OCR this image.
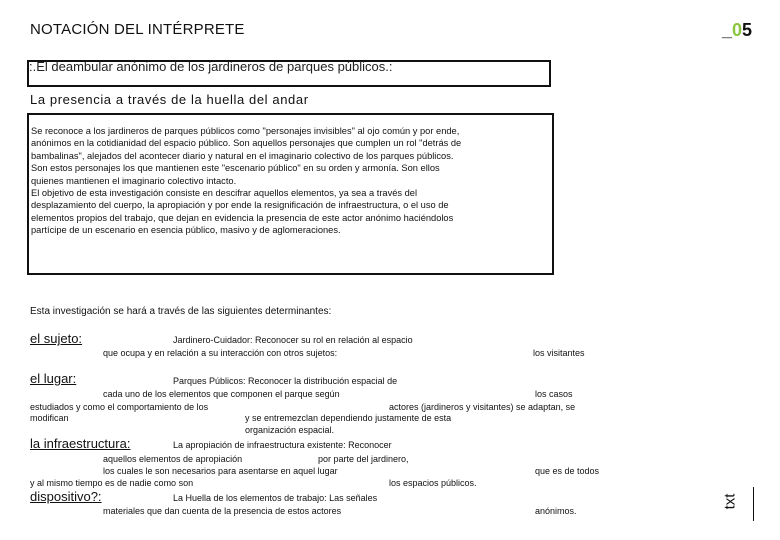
NOTACIÓN DEL INTÉRPRETE	_05
:.El deambular anónimo de los jardineros de parques públicos.:
La presencia a través de la huella del andar

Se reconoce a los jardineros de parques públicos como "personajes invisibles" al ojo común y por ende,

anónimos en la cotidianidad del espacio público. Son aquellos personajes que cumplen un rol "detrás de

bambalinas", alejados del acontecer diario y natural en el imaginario colectivo de los parques públicos.

Son estos personajes los que mantienen este "escenario público" en su orden y armonía. Son ellos

quienes mantienen el imaginario colectivo intacto.

El objetivo de esta investigación consiste en descifrar aquellos elementos, ya sea a través del

desplazamiento del cuerpo, la apropiación y por ende la resignificación de infraestructura, o el uso de

elementos propios del trabajo, que dejan en evidencia la presencia de este actor anónimo haciéndolos

partícipe de un escenario en esencia público, masivo y de aglomeraciones.

Esta investigación se hará a través de las siguientes determinantes:
el sujeto:	Jardinero-Cuidador: Reconocer su rol en relación al espacio
que ocupa y en relación a su interacción con otros sujetos:	los visitantes
el lugar:	Parques Públicos: Reconocer la distribución espacial de
cada uno de los elementos que componen el parque según	los casos
estudiados y como el comportamiento de los	actores (jardineros y visitantes) se adaptan, se
modifican	y se entremezclan dependiendo justamente de esta
organización espacial.
la infraestructura:	La apropiación de infraestructura existente: Reconocer
aquellos elementos de apropiación	por parte del jardinero,
los cuales le son necesarios para asentarse en aquel lugar	que es de todos
y al mismo tiempo es de nadie como son	los espacios públicos.
dispositivo?:	La Huella de los elementos de trabajo: Las señales
materiales que dan cuenta de la presencia de estos actores	anónimos.
txt
